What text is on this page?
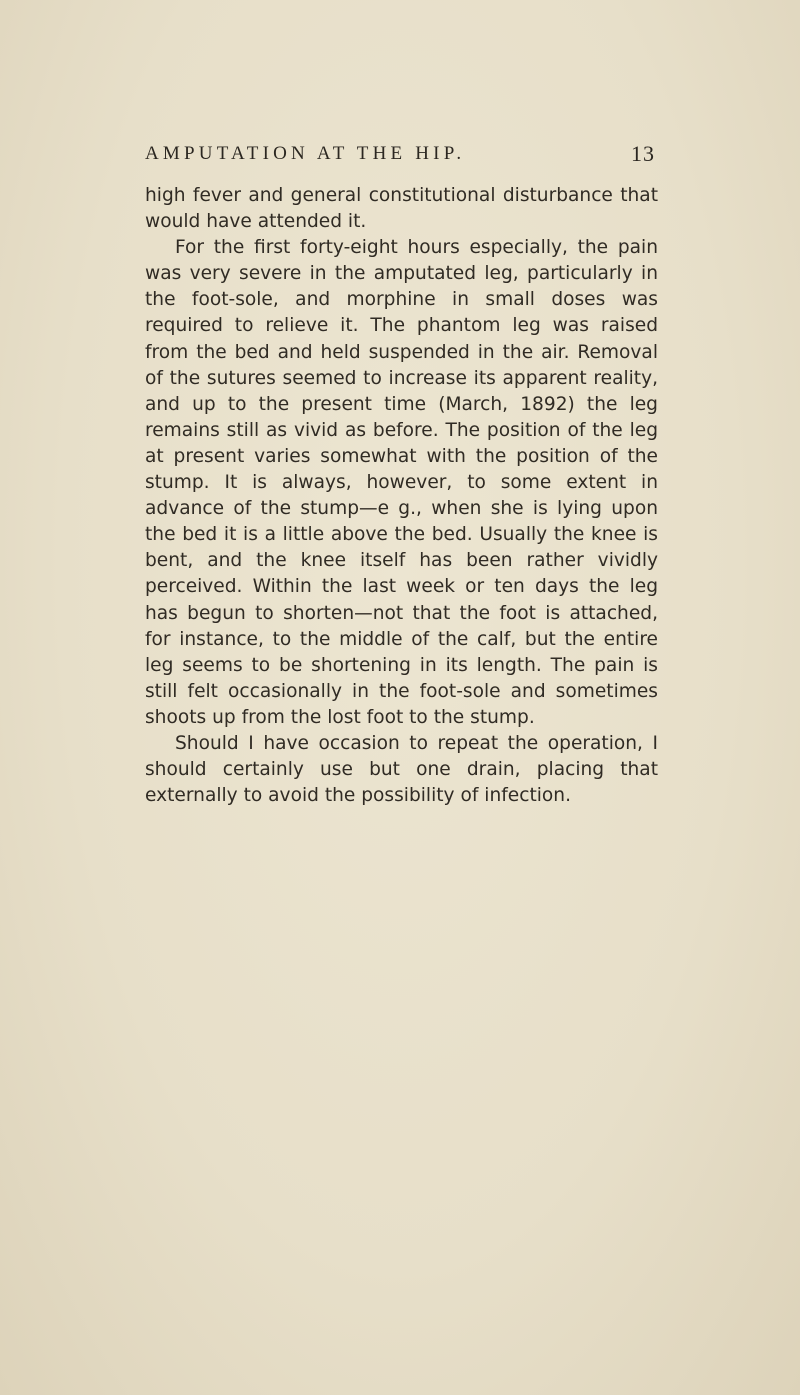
AMPUTATION AT THE HIP.	13

high fever and general constitutional disturbance that would have attended it.

For the first forty-eight hours especially, the pain was very severe in the amputated leg, particularly in the foot-sole, and morphine in small doses was required to relieve it. The phantom leg was raised from the bed and held suspended in the air. Removal of the sutures seemed to increase its apparent reality, and up to the present time (March, 1892) the leg remains still as vivid as before. The position of the leg at present varies somewhat with the position of the stump. It is always, however, to some extent in advance of the stump—e g., when she is lying upon the bed it is a little above the bed. Usually the knee is bent, and the knee itself has been rather vividly perceived. Within the last week or ten days the leg has begun to shorten—not that the foot is attached, for instance, to the middle of the calf, but the entire leg seems to be shortening in its length. The pain is still felt occasionally in the foot-sole and sometimes shoots up from the lost foot to the stump.

Should I have occasion to repeat the operation, I should certainly use but one drain, placing that externally to avoid the possibility of infection.
